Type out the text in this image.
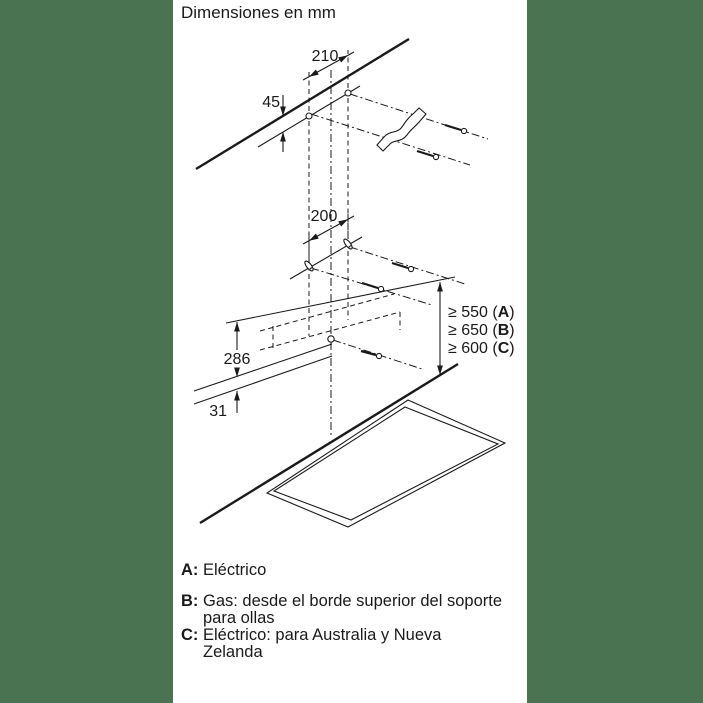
Dimensiones en mm
210
45
200
286
31
≥ 550 (A)
≥ 650 (B)
≥ 600 (C)
A: Eléctrico
B: Gas: desde el borde superior del soporte
para ollas
C: Eléctrico: para Australia y Nueva
Zelanda
